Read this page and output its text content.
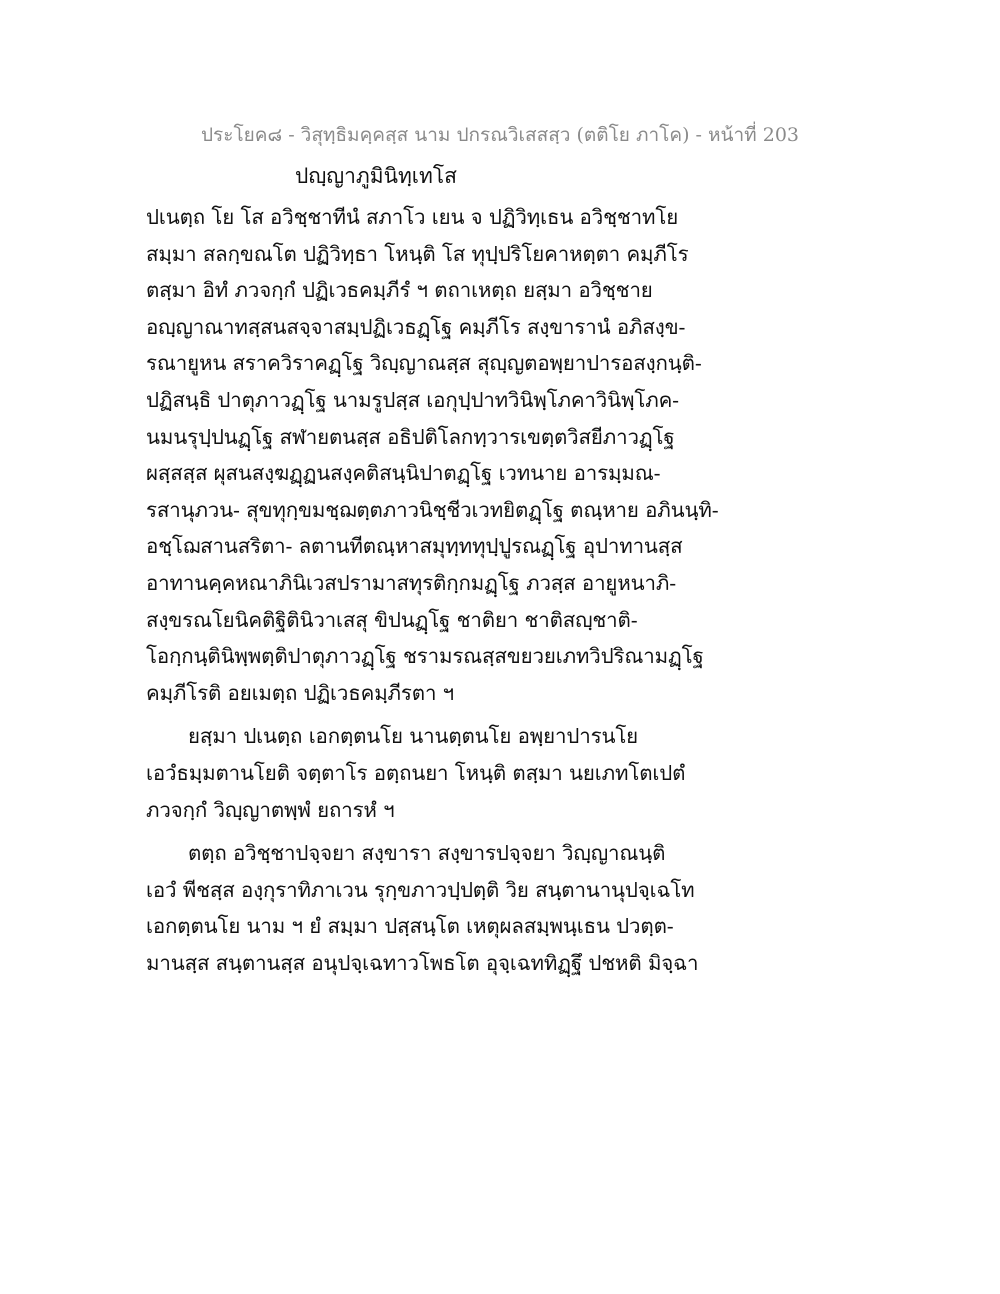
ประโยค๘ - วิสุทฺธิมคฺคสฺส นาม ปกรณวิเสสสฺว (ตติโย ภาโค) - หน้าที่ 203
ปญฺญาภูมินิทฺเทโส
ปเนตฺถ โย โส อวิชฺชาทีนํ สภาโว เยน จ ปฏิวิทฺเธน อวิชฺชาทโย
สมฺมา สลกฺขณโต ปฏิวิทฺธา โหนฺติ โส ทุปฺปริโยคาหตฺตา คมฺภีโร
ตสฺมา อิทํ ภวจกฺกํ ปฏิเวธคมฺภีรํ ฯ ตถาเหตฺถ ยสฺมา อวิชฺชาย
อญฺญาณาทสฺสนสจฺจาสมฺปฏิเวธฏฺโฐ คมฺภีโร สงฺขารานํ อภิสงฺข-
รณายูหน สราควิราคฏฺโฐ วิญฺญาณสฺส สุญฺญตอพฺยาปารอสงฺกนฺติ-
ปฏิสนฺธิ ปาตุภาวฏฺโฐ นามรูปสฺส เอกุปฺปาทวินิพฺโภคาวินิพฺโภค-
นมนรุปฺปนฏฺโฐ สฬายตนสฺส อธิปติโลกทฺวารเขตฺตวิสยีภาวฏฺโฐ
ผสฺสสฺส ผุสนสงฺฆฏฺฏนสงฺคติสนฺนิปาตฏฺโฐ เวทนาย อารมฺมณ-
รสานุภวน- สุขทุกฺขมชฺฌตฺตภาวนิชฺชีวเวทยิตฏฺโฐ ตณฺหาย อภินนฺทิ-
อชฺโฌสานสริตา- ลตานทีตณฺหาสมุทฺททุปฺปูรณฏฺโฐ อุปาทานสฺส
อาทานคฺคหณาภินิเวสปรามาสทุรติกฺกมฏฺโฐ ภวสฺส อายูหนาภิ-
สงฺขรณโยนิคติฐิตินิวาเสสุ ขิปนฏฺโฐ ชาติยา ชาติสญฺชาติ-
โอกฺกนฺตินิพฺพตฺติปาตุภาวฏฺโฐ ชรามรณสฺสขยวยเภทวิปริณามฏฺโฐ
คมฺภีโรติ อยเมตฺถ ปฏิเวธคมฺภีรตา ฯ
ยสฺมา ปเนตฺถ เอกตฺตนโย นานตฺตนโย อพฺยาปารนโย
เอวํธมฺมตานโยติ จตฺตาโร อตฺถนยา โหนฺติ ตสฺมา นยเภทโตเปตํ
ภวจกฺกํ วิญฺญาตพฺพํ ยถารหํ ฯ
ตตฺถ อวิชฺชาปจฺจยา สงฺขารา สงฺขารปจฺจยา วิญฺญาณนฺติ
เอวํ พีชสฺส องฺกุราทิภาเวน รุกฺขภาวปฺปตฺติ วิย สนฺตานานุปจฺเฉโท
เอกตฺตนโย นาม ฯ ยํ สมฺมา ปสฺสนฺโต เหตุผลสมฺพนฺเธน ปวตฺต-
มานสฺส สนฺตานสฺส อนุปจฺเฉทาวโพธโต อุจฺเฉททิฏฺฐึ ปชหติ มิจฺฉา
